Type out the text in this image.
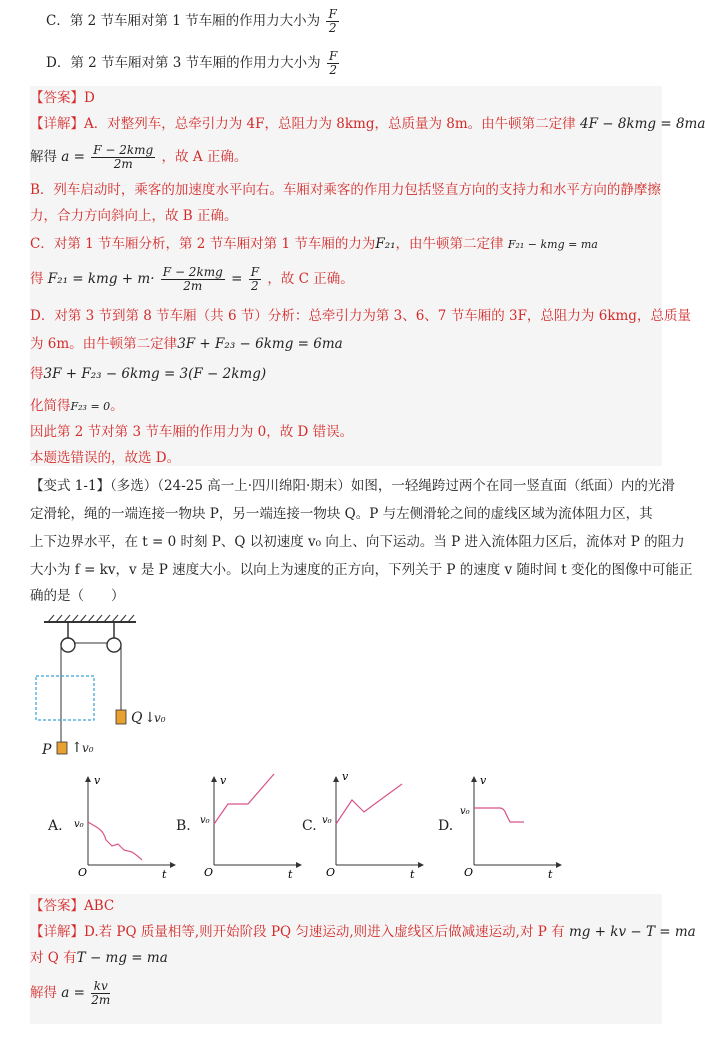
C．第 2 节车厢对第 1 节车厢的作用力大小为 $\frac{F}{2}$
D．第 2 节车厢对第 3 节车厢的作用力大小为 $\frac{F}{2}$
【答案】D
【详解】A．对整列车，总牵引力为 4F，总阻力为 8kmg，总质量为 8m。由牛顿第二定律 4F − 8kmg = 8ma
解得 $a = \frac{\text{F − 2kmg}}{2m}$ ，故 A 正确。
B．列车启动时，乘客的加速度水平向右。车厢对乘客的作用力包括竖直方向的支持力和水平方向的静摩擦
力，合力方向斜向上，故 B 正确。
C．对第 1 节车厢分析，第 2 节车厢对第 1 节车厢的力为F₂₁，由牛顿第二定律 F₂₁ − kmg = ma
得 F₂₁ = kmg + $m\cdot \frac{\text{F − 2kmg}}{2m} = \frac{F}{2}$ ，故 C 正确。
D．对第 3 节到第 8 节车厢（共 6 节）分析：总牵引力为第 3、6、7 节车厢的 3F，总阻力为 6kmg，总质量
为 6m。由牛顿第二定律3F + F₂₃ − 6kmg = 6ma
得3F + F₂₃ − 6kmg = 3(F − 2kmg)
化简得F₂₃ = 0。
因此第 2 节对第 3 节车厢的作用力为 0，故 D 错误。
本题选错误的，故选 D。
【变式 1-1】（多选）（24-25 高一上·四川绵阳·期末）如图，一轻绳跨过两个在同一竖直面（纸面）内的光滑
定滑轮，绳的一端连接一物块 P，另一端连接一物块 Q。P 与左侧滑轮之间的虚线区域为流体阻力区，其
上下边界水平，在 t = 0 时刻 P、Q 以初速度 v₀ 向上、向下运动。当 P 进入流体阻力区后，流体对 P 的阻力
大小为 f = kv，v 是 P 速度大小。以向上为速度的正方向，下列关于 P 的速度 v 随时间 t 变化的图像中可能正
确的是（　　）
Q ↓
v₀
P ↑ v₀
A.
v
t
O
v₀	B.
v
t
O
v₀	C.
v
t
O
v₀	D.
v
t
O
v₀
【答案】ABC
【详解】D.若 PQ 质量相等,则开始阶段 PQ 匀速运动,则进入虚线区后做减速运动,对 P 有 mg + kv − T = ma
对 Q 有T − mg = ma
解得 $a = \frac{kv}{2m}$
